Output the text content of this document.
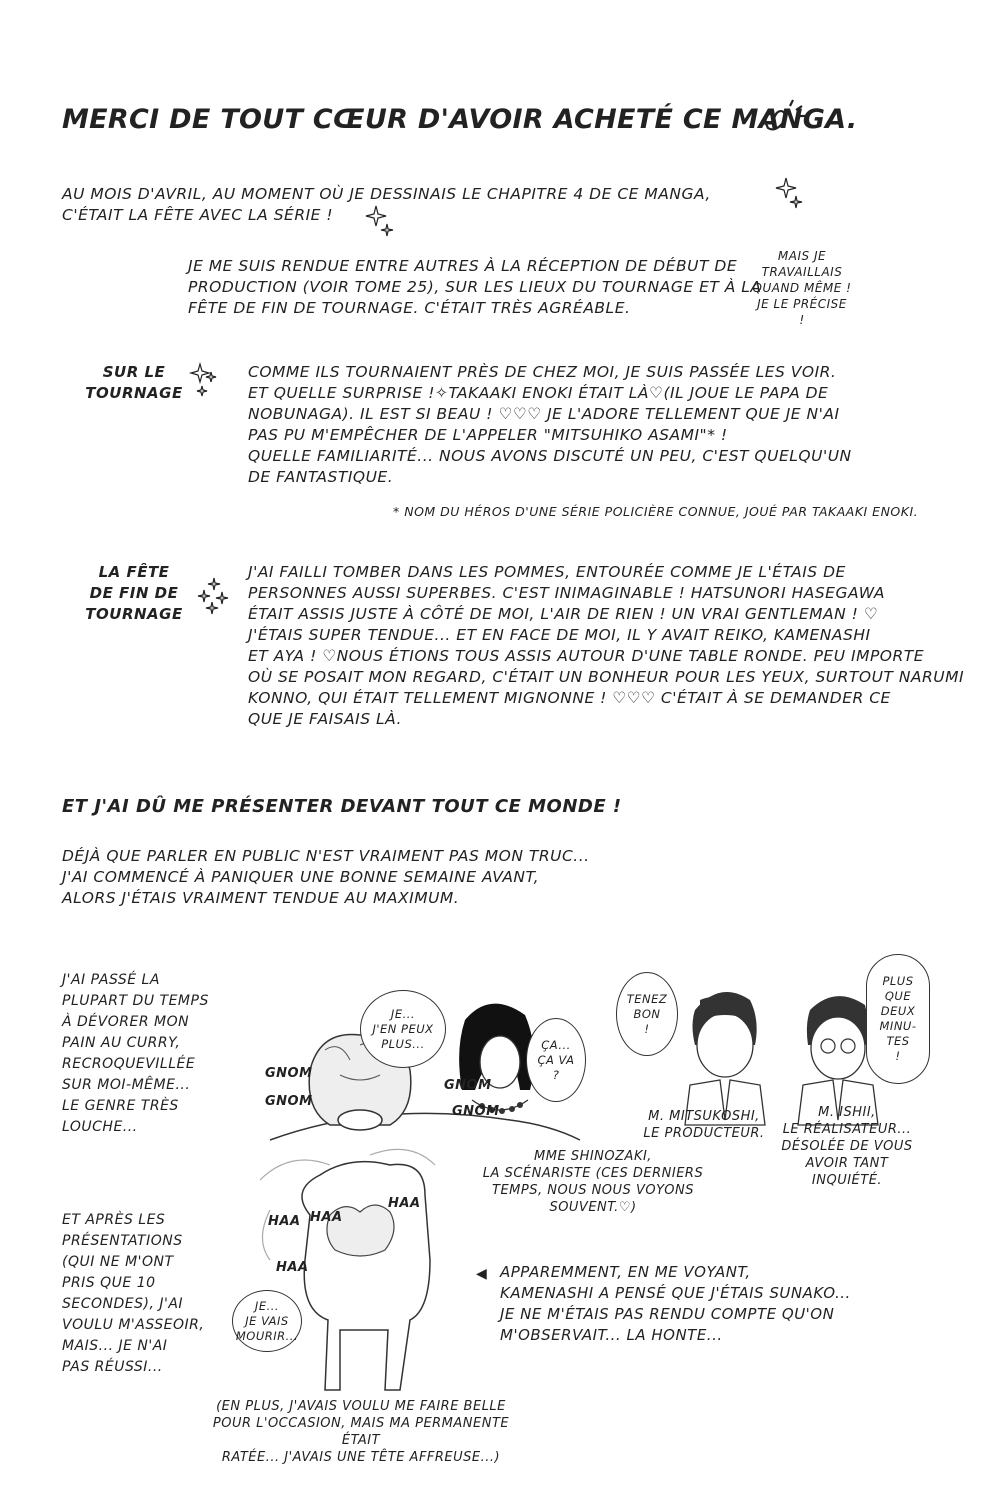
MERCI DE TOUT CŒUR D'AVOIR ACHETÉ CE MANGA.
AU MOIS D'AVRIL, AU MOMENT OÙ JE DESSINAIS LE CHAPITRE 4 DE CE MANGA,
C'ÉTAIT LA FÊTE AVEC LA SÉRIE !
JE ME SUIS RENDUE ENTRE AUTRES À LA RÉCEPTION DE DÉBUT DE
PRODUCTION (VOIR TOME 25), SUR LES LIEUX DU TOURNAGE ET À LA
FÊTE DE FIN DE TOURNAGE. C'ÉTAIT TRÈS AGRÉABLE.
MAIS JE
TRAVAILLAIS
QUAND MÊME !
JE LE PRÉCISE
!
SUR LE
TOURNAGE
COMME ILS TOURNAIENT PRÈS DE CHEZ MOI, JE SUIS PASSÉE LES VOIR.
ET QUELLE SURPRISE !✧TAKAAKI ENOKI ÉTAIT LÀ♡(IL JOUE LE PAPA DE
NOBUNAGA). IL EST SI BEAU ! ♡♡♡ JE L'ADORE TELLEMENT QUE JE N'AI
PAS PU M'EMPÊCHER DE L'APPELER "MITSUHIKO ASAMI"* !
QUELLE FAMILIARITÉ... NOUS AVONS DISCUTÉ UN PEU, C'EST QUELQU'UN
DE FANTASTIQUE.
* NOM DU HÉROS D'UNE SÉRIE POLICIÈRE CONNUE, JOUÉ PAR TAKAAKI ENOKI.
LA FÊTE
DE FIN DE
TOURNAGE
J'AI FAILLI TOMBER DANS LES POMMES, ENTOURÉE COMME JE L'ÉTAIS DE
PERSONNES AUSSI SUPERBES. C'EST INIMAGINABLE ! HATSUNORI HASEGAWA
ÉTAIT ASSIS JUSTE À CÔTÉ DE MOI, L'AIR DE RIEN ! UN VRAI GENTLEMAN ! ♡
J'ÉTAIS SUPER TENDUE... ET EN FACE DE MOI, IL Y AVAIT REIKO, KAMENASHI
ET AYA ! ♡NOUS ÉTIONS TOUS ASSIS AUTOUR D'UNE TABLE RONDE. PEU IMPORTE
OÙ SE POSAIT MON REGARD, C'ÉTAIT UN BONHEUR POUR LES YEUX, SURTOUT NARUMI
KONNO, QUI ÉTAIT TELLEMENT MIGNONNE ! ♡♡♡ C'ÉTAIT À SE DEMANDER CE
QUE JE FAISAIS LÀ.
ET J'AI DÛ ME PRÉSENTER DEVANT TOUT CE MONDE !
DÉJÀ QUE PARLER EN PUBLIC N'EST VRAIMENT PAS MON TRUC...
J'AI COMMENCÉ À PANIQUER UNE BONNE SEMAINE AVANT,
ALORS J'ÉTAIS VRAIMENT TENDUE AU MAXIMUM.
J'AI PASSÉ LA
PLUPART DU TEMPS
À DÉVORER MON
PAIN AU CURRY,
RECROQUEVILLÉE
SUR MOI-MÊME...
LE GENRE TRÈS
LOUCHE...
ET APRÈS LES
PRÉSENTATIONS
(QUI NE M'ONT
PRIS QUE 10
SECONDES), J'AI
VOULU M'ASSEOIR,
MAIS... JE N'AI
PAS RÉUSSI...
JE...
J'EN PEUX
PLUS...	ÇA...
ÇA VA
?
TENEZ
BON
!
PLUS
QUE
DEUX
MINU-
TES
!
JE...
JE VAIS
MOURIR...
GNOM
GNOM
GNOM
GNOM
HAA HAA
HAA
HAA
MME SHINOZAKI,
LA SCÉNARISTE (CES DERNIERS
TEMPS, NOUS NOUS VOYONS
SOUVENT.♡)
M. MITSUKOSHI,
LE PRODUCTEUR.
M. ISHII,
LE RÉALISATEUR...
DÉSOLÉE DE VOUS
AVOIR TANT INQUIÉTÉ.
◀ APPAREMMENT, EN ME VOYANT,
KAMENASHI A PENSÉ QUE J'ÉTAIS SUNAKO...
JE NE M'ÉTAIS PAS RENDU COMPTE QU'ON
M'OBSERVAIT... LA HONTE...
(EN PLUS, J'AVAIS VOULU ME FAIRE BELLE
POUR L'OCCASION, MAIS MA PERMANENTE ÉTAIT
RATÉE... J'AVAIS UNE TÊTE AFFREUSE...)
